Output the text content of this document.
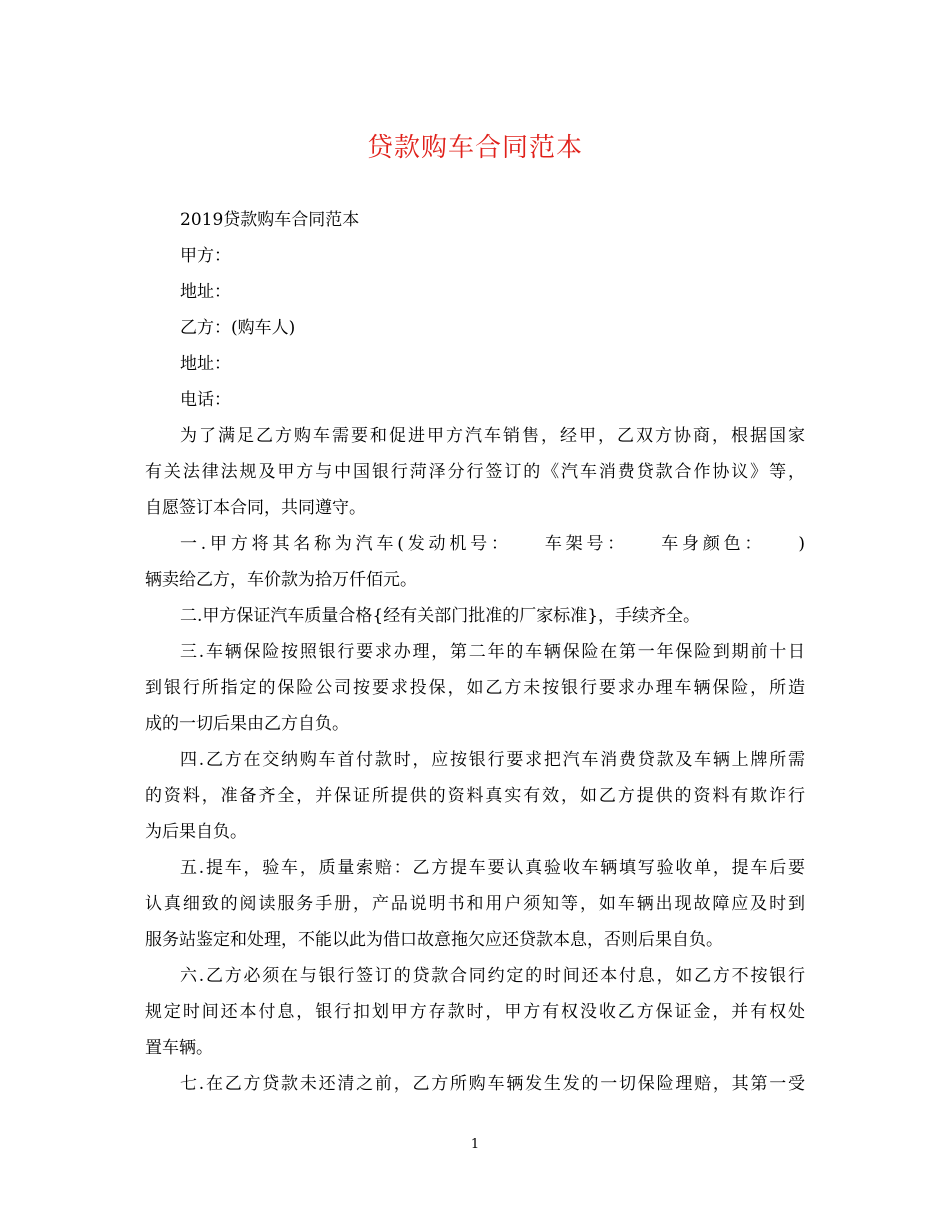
贷款购车合同范本
2019贷款购车合同范本
甲方：
地址：
乙方：(购车人)
地址：
电话：
为了满足乙方购车需要和促进甲方汽车销售，经甲，乙双方协商，根据国家
有关法律法规及甲方与中国银行菏泽分行签订的《汽车消费贷款合作协议》等，
自愿签订本合同，共同遵守。
一.甲方将其名称为汽车(发动机号：　　车架号：　　车身颜色：　　)
辆卖给乙方，车价款为拾万仟佰元。
二.甲方保证汽车质量合格{经有关部门批准的厂家标准}，手续齐全。
三.车辆保险按照银行要求办理，第二年的车辆保险在第一年保险到期前十日
到银行所指定的保险公司按要求投保，如乙方未按银行要求办理车辆保险，所造
成的一切后果由乙方自负。
四.乙方在交纳购车首付款时，应按银行要求把汽车消费贷款及车辆上牌所需
的资料，准备齐全，并保证所提供的资料真实有效，如乙方提供的资料有欺诈行
为后果自负。
五.提车，验车，质量索赔：乙方提车要认真验收车辆填写验收单，提车后要
认真细致的阅读服务手册，产品说明书和用户须知等，如车辆出现故障应及时到
服务站鉴定和处理，不能以此为借口故意拖欠应还贷款本息，否则后果自负。
六.乙方必须在与银行签订的贷款合同约定的时间还本付息，如乙方不按银行
规定时间还本付息，银行扣划甲方存款时，甲方有权没收乙方保证金，并有权处
置车辆。
七.在乙方贷款未还清之前，乙方所购车辆发生发的一切保险理赔，其第一受
1
